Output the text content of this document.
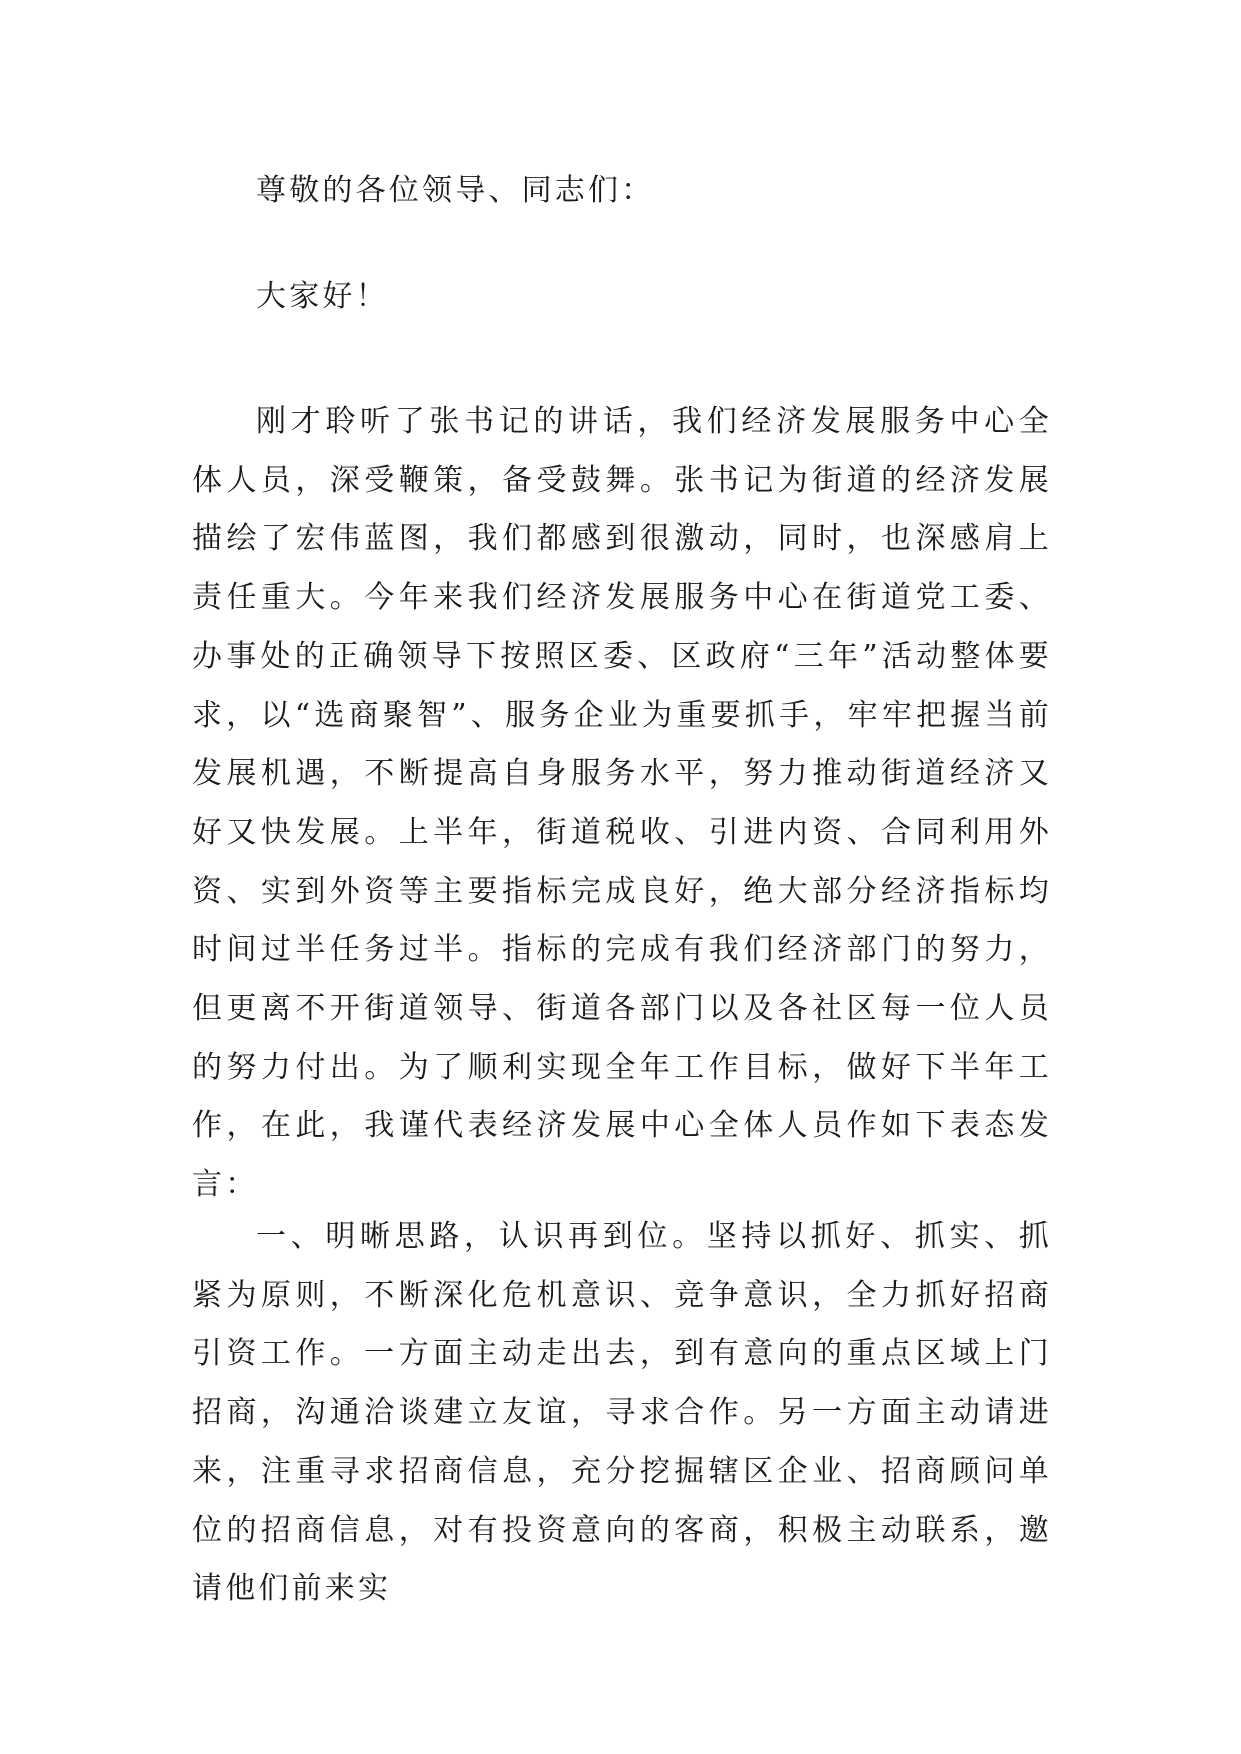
尊敬的各位领导、同志们：

大家好！

刚才聆听了张书记的讲话，我们经济发展服务中心全体人员，深受鞭策，备受鼓舞。张书记为街道的经济发展描绘了宏伟蓝图，我们都感到很激动，同时，也深感肩上责任重大。今年来我们经济发展服务中心在街道党工委、办事处的正确领导下按照区委、区政府“三年”活动整体要求，以“选商聚智”、服务企业为重要抓手，牢牢把握当前发展机遇，不断提高自身服务水平，努力推动街道经济又好又快发展。上半年，街道税收、引进内资、合同利用外资、实到外资等主要指标完成良好，绝大部分经济指标均时间过半任务过半。指标的完成有我们经济部门的努力，但更离不开街道领导、街道各部门以及各社区每一位人员的努力付出。为了顺利实现全年工作目标，做好下半年工作，在此，我谨代表经济发展中心全体人员作如下表态发言：

一、明晰思路，认识再到位。坚持以抓好、抓实、抓紧为原则，不断深化危机意识、竞争意识，全力抓好招商引资工作。一方面主动走出去，到有意向的重点区域上门招商，沟通洽谈建立友谊，寻求合作。另一方面主动请进来，注重寻求招商信息，充分挖掘辖区企业、招商顾问单位的招商信息，对有投资意向的客商，积极主动联系，邀请他们前来实
